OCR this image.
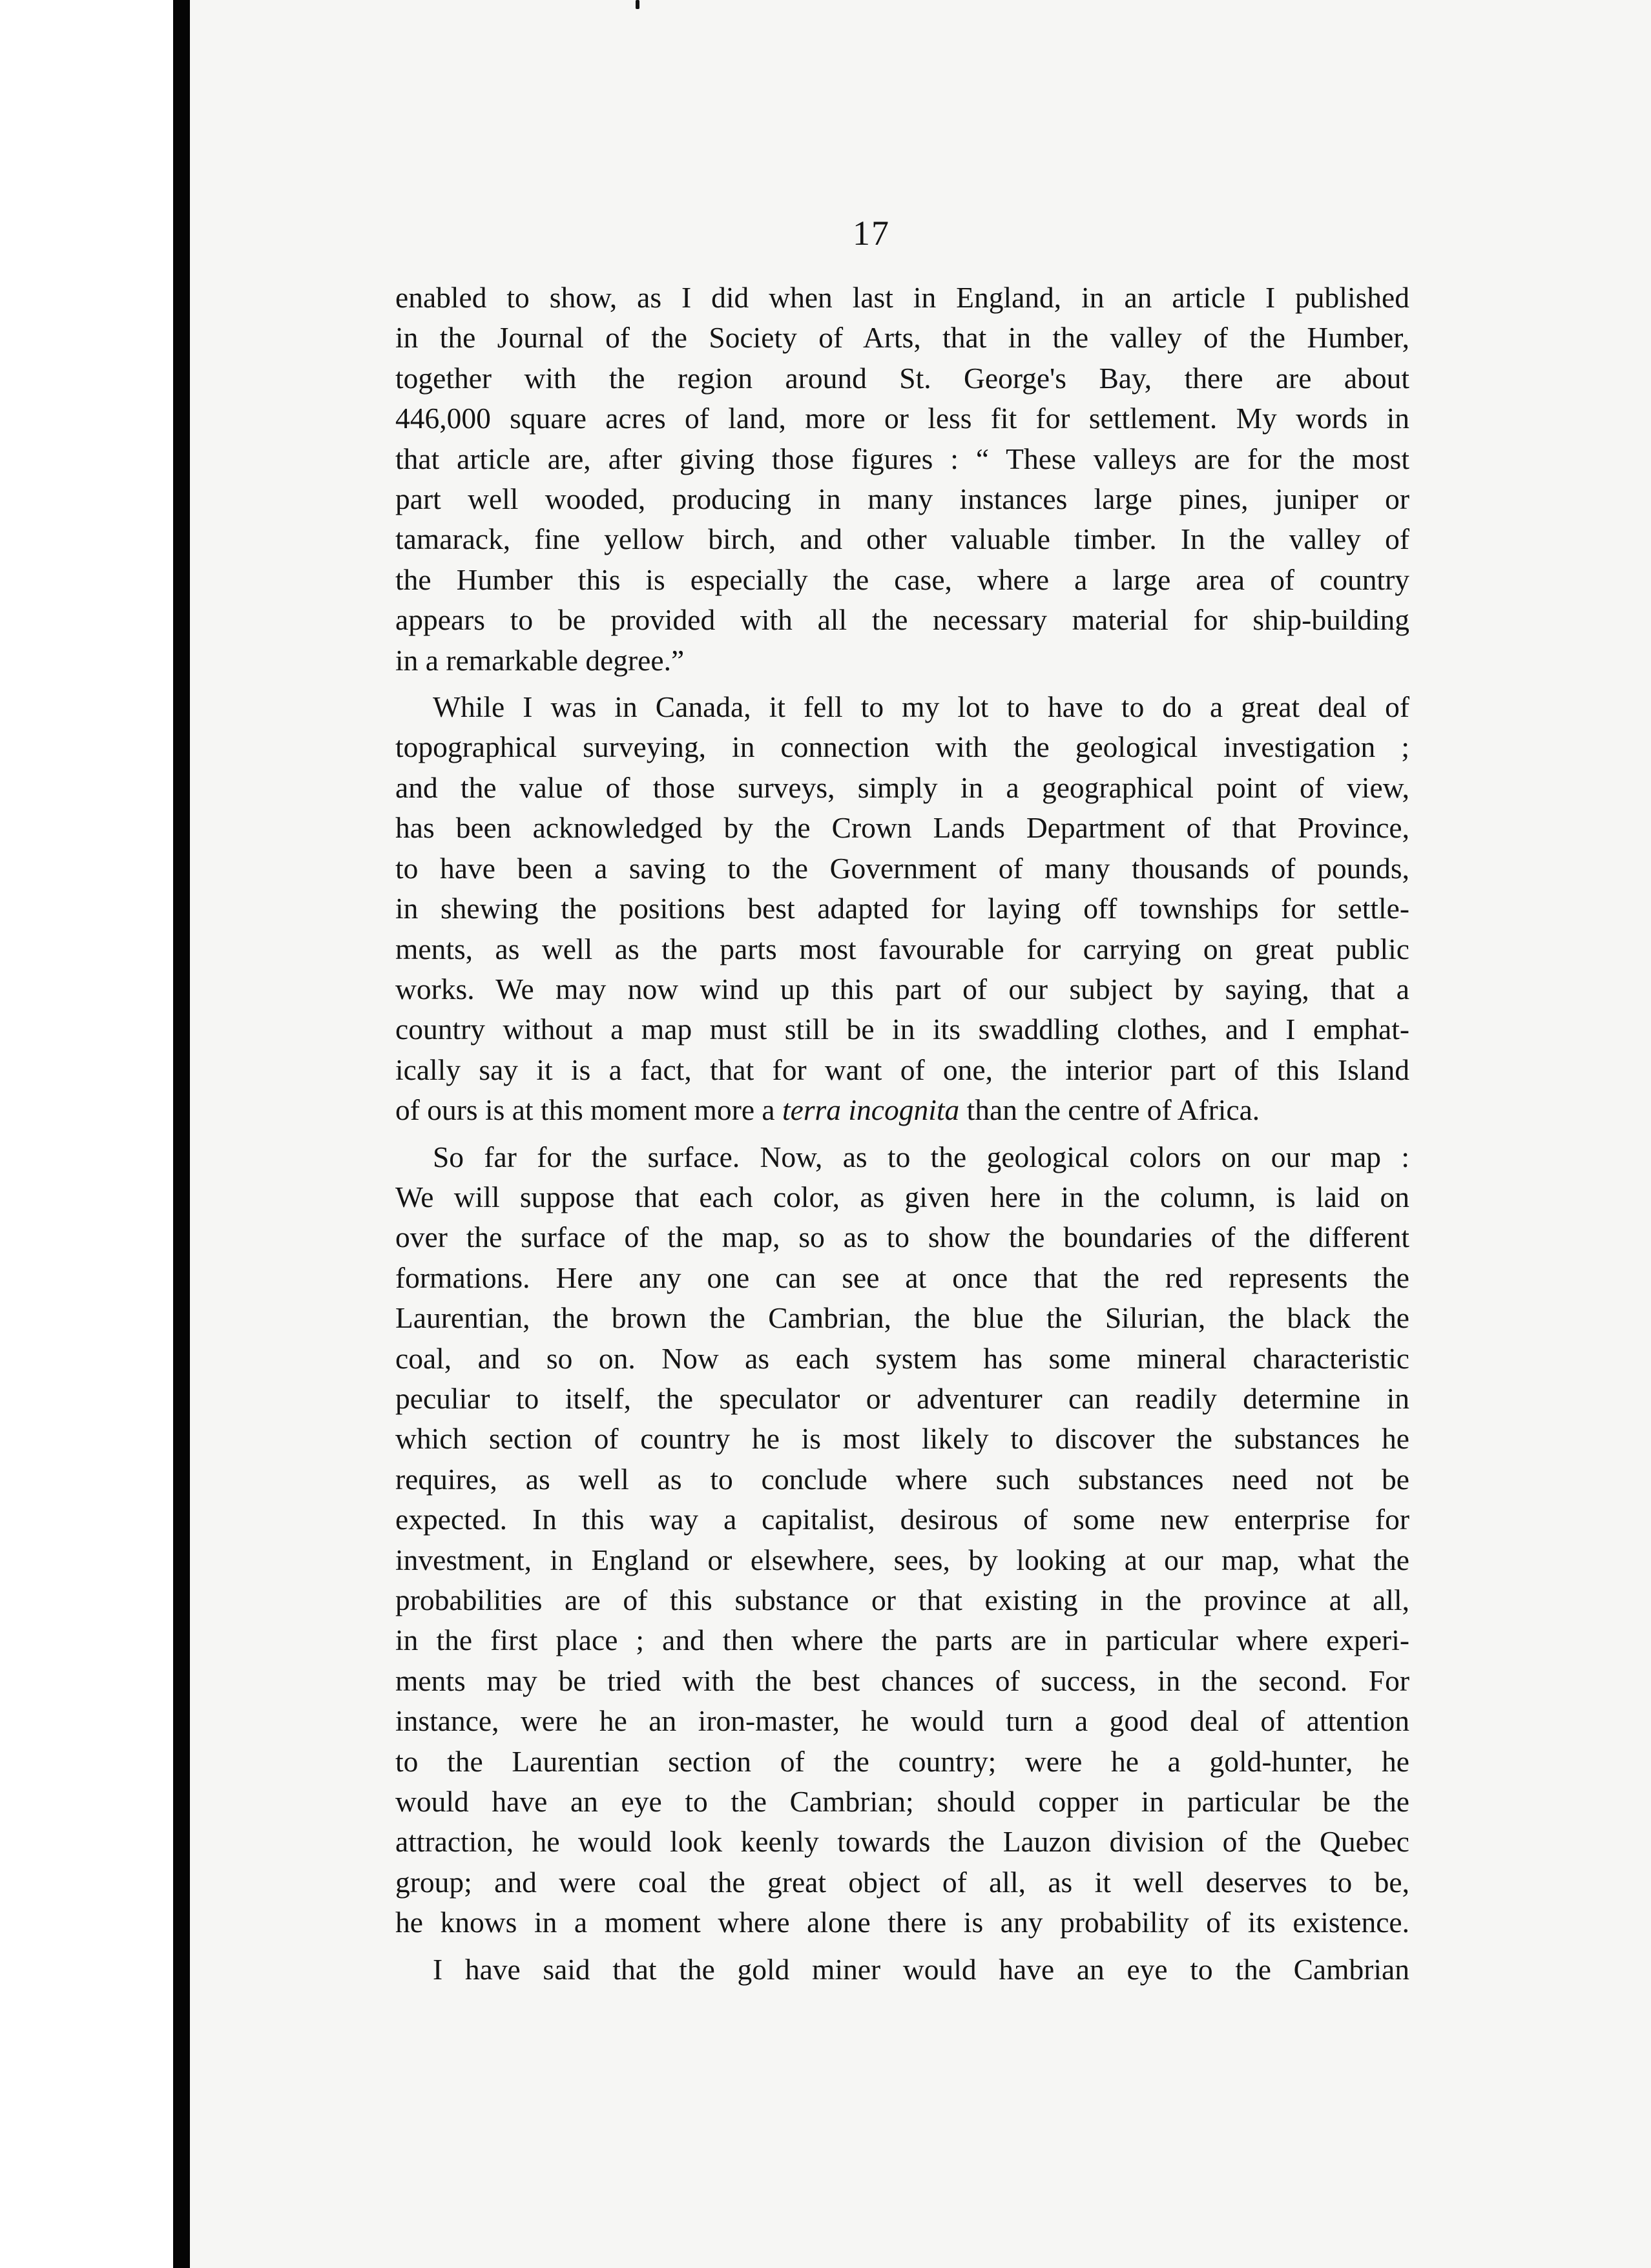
17
enabled to show, as I did when last in England, in an article I published
in the Journal of the Society of Arts, that in the valley of the Humber,
together with the region around St. George's Bay, there are about
446,000 square acres of land, more or less fit for settlement. My words in
that article are, after giving those figures : “ These valleys are for the most
part well wooded, producing in many instances large pines, juniper or
tamarack, fine yellow birch, and other valuable timber. In the valley of
the Humber this is especially the case, where a large area of country
appears to be provided with all the necessary material for ship-building
in a remarkable degree.”
While I was in Canada, it fell to my lot to have to do a great deal of
topographical surveying, in connection with the geological investigation ;
and the value of those surveys, simply in a geographical point of view,
has been acknowledged by the Crown Lands Department of that Province,
to have been a saving to the Government of many thousands of pounds,
in shewing the positions best adapted for laying off townships for settle-
ments, as well as the parts most favourable for carrying on great public
works. We may now wind up this part of our subject by saying, that a
country without a map must still be in its swaddling clothes, and I emphat-
ically say it is a fact, that for want of one, the interior part of this Island
of ours is at this moment more a terra incognita than the centre of Africa.
So far for the surface. Now, as to the geological colors on our map :
We will suppose that each color, as given here in the column, is laid on
over the surface of the map, so as to show the boundaries of the different
formations. Here any one can see at once that the red represents the
Laurentian, the brown the Cambrian, the blue the Silurian, the black the
coal, and so on. Now as each system has some mineral characteristic
peculiar to itself, the speculator or adventurer can readily determine in
which section of country he is most likely to discover the substances he
requires, as well as to conclude where such substances need not be
expected. In this way a capitalist, desirous of some new enterprise for
investment, in England or elsewhere, sees, by looking at our map, what the
probabilities are of this substance or that existing in the province at all,
in the first place ; and then where the parts are in particular where experi-
ments may be tried with the best chances of success, in the second. For
instance, were he an iron-master, he would turn a good deal of attention
to the Laurentian section of the country; were he a gold-hunter, he
would have an eye to the Cambrian; should copper in particular be the
attraction, he would look keenly towards the Lauzon division of the Quebec
group; and were coal the great object of all, as it well deserves to be,
he knows in a moment where alone there is any probability of its existence.
I have said that the gold miner would have an eye to the Cambrian
